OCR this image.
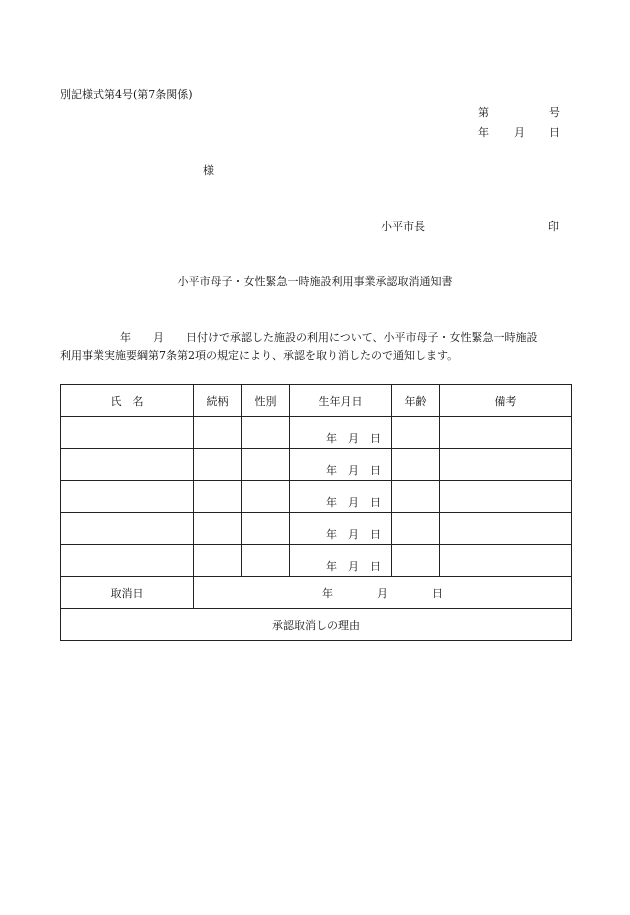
別記様式第4号(第7条関係)
第	号
年 月 日
様
小平市長	印
小平市母子・女性緊急一時施設利用事業承認取消通知書
年　　月　　日付けで承認した施設の利用について、小平市母子・女性緊急一時施設
利用事業実施要綱第7条第2項の規定により、承認を取り消したので通知します。
氏　名	続柄	性別	生年月日	年齢	備考

			年　月　日		

			年　月　日		

			年　月　日		

			年　月　日		

			年　月　日		

取消日	年　　　　月　　　　日				
承認取消しの理由					
